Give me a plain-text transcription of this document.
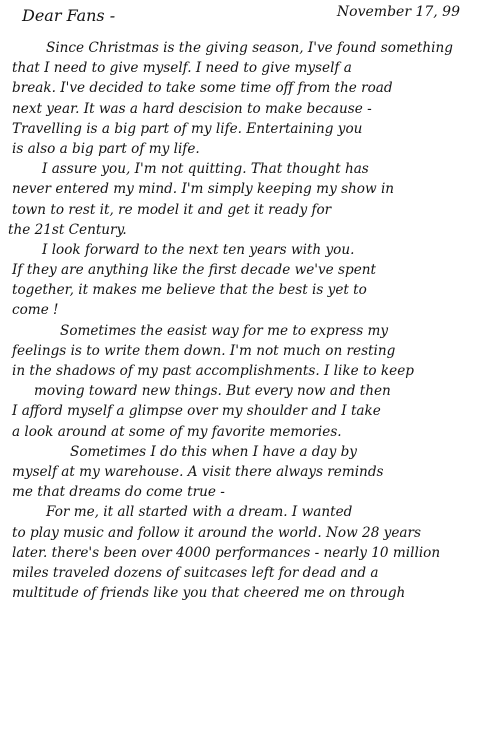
Dear Fans -	November 17, 99
Since Christmas is the giving season, I've found something
that I need to give myself. I need to give myself a
break. I've decided to take some time off from the road
next year. It was a hard descision to make because -
Travelling is a big part of my life. Entertaining you
is also a big part of my life.
I assure you, I'm not quitting. That thought has
never entered my mind. I'm simply keeping my show in
town to rest it, re model it and get it ready for
the 21st Century.
I look forward to the next ten years with you.
If they are anything like the first decade we've spent
together, it makes me believe that the best is yet to
come !
Sometimes the easist way for me to express my
feelings is to write them down. I'm not much on resting
in the shadows of my past accomplishments. I like to keep
moving toward new things. But every now and then
I afford myself a glimpse over my shoulder and I take
a look around at some of my favorite memories.
Sometimes I do this when I have a day by
myself at my warehouse. A visit there always reminds
me that dreams do come true -
For me, it all started with a dream. I wanted
to play music and follow it around the world. Now 28 years
later. there's been over 4000 performances - nearly 10 million
miles traveled dozens of suitcases left for dead and a
multitude of friends like you that cheered me on through
